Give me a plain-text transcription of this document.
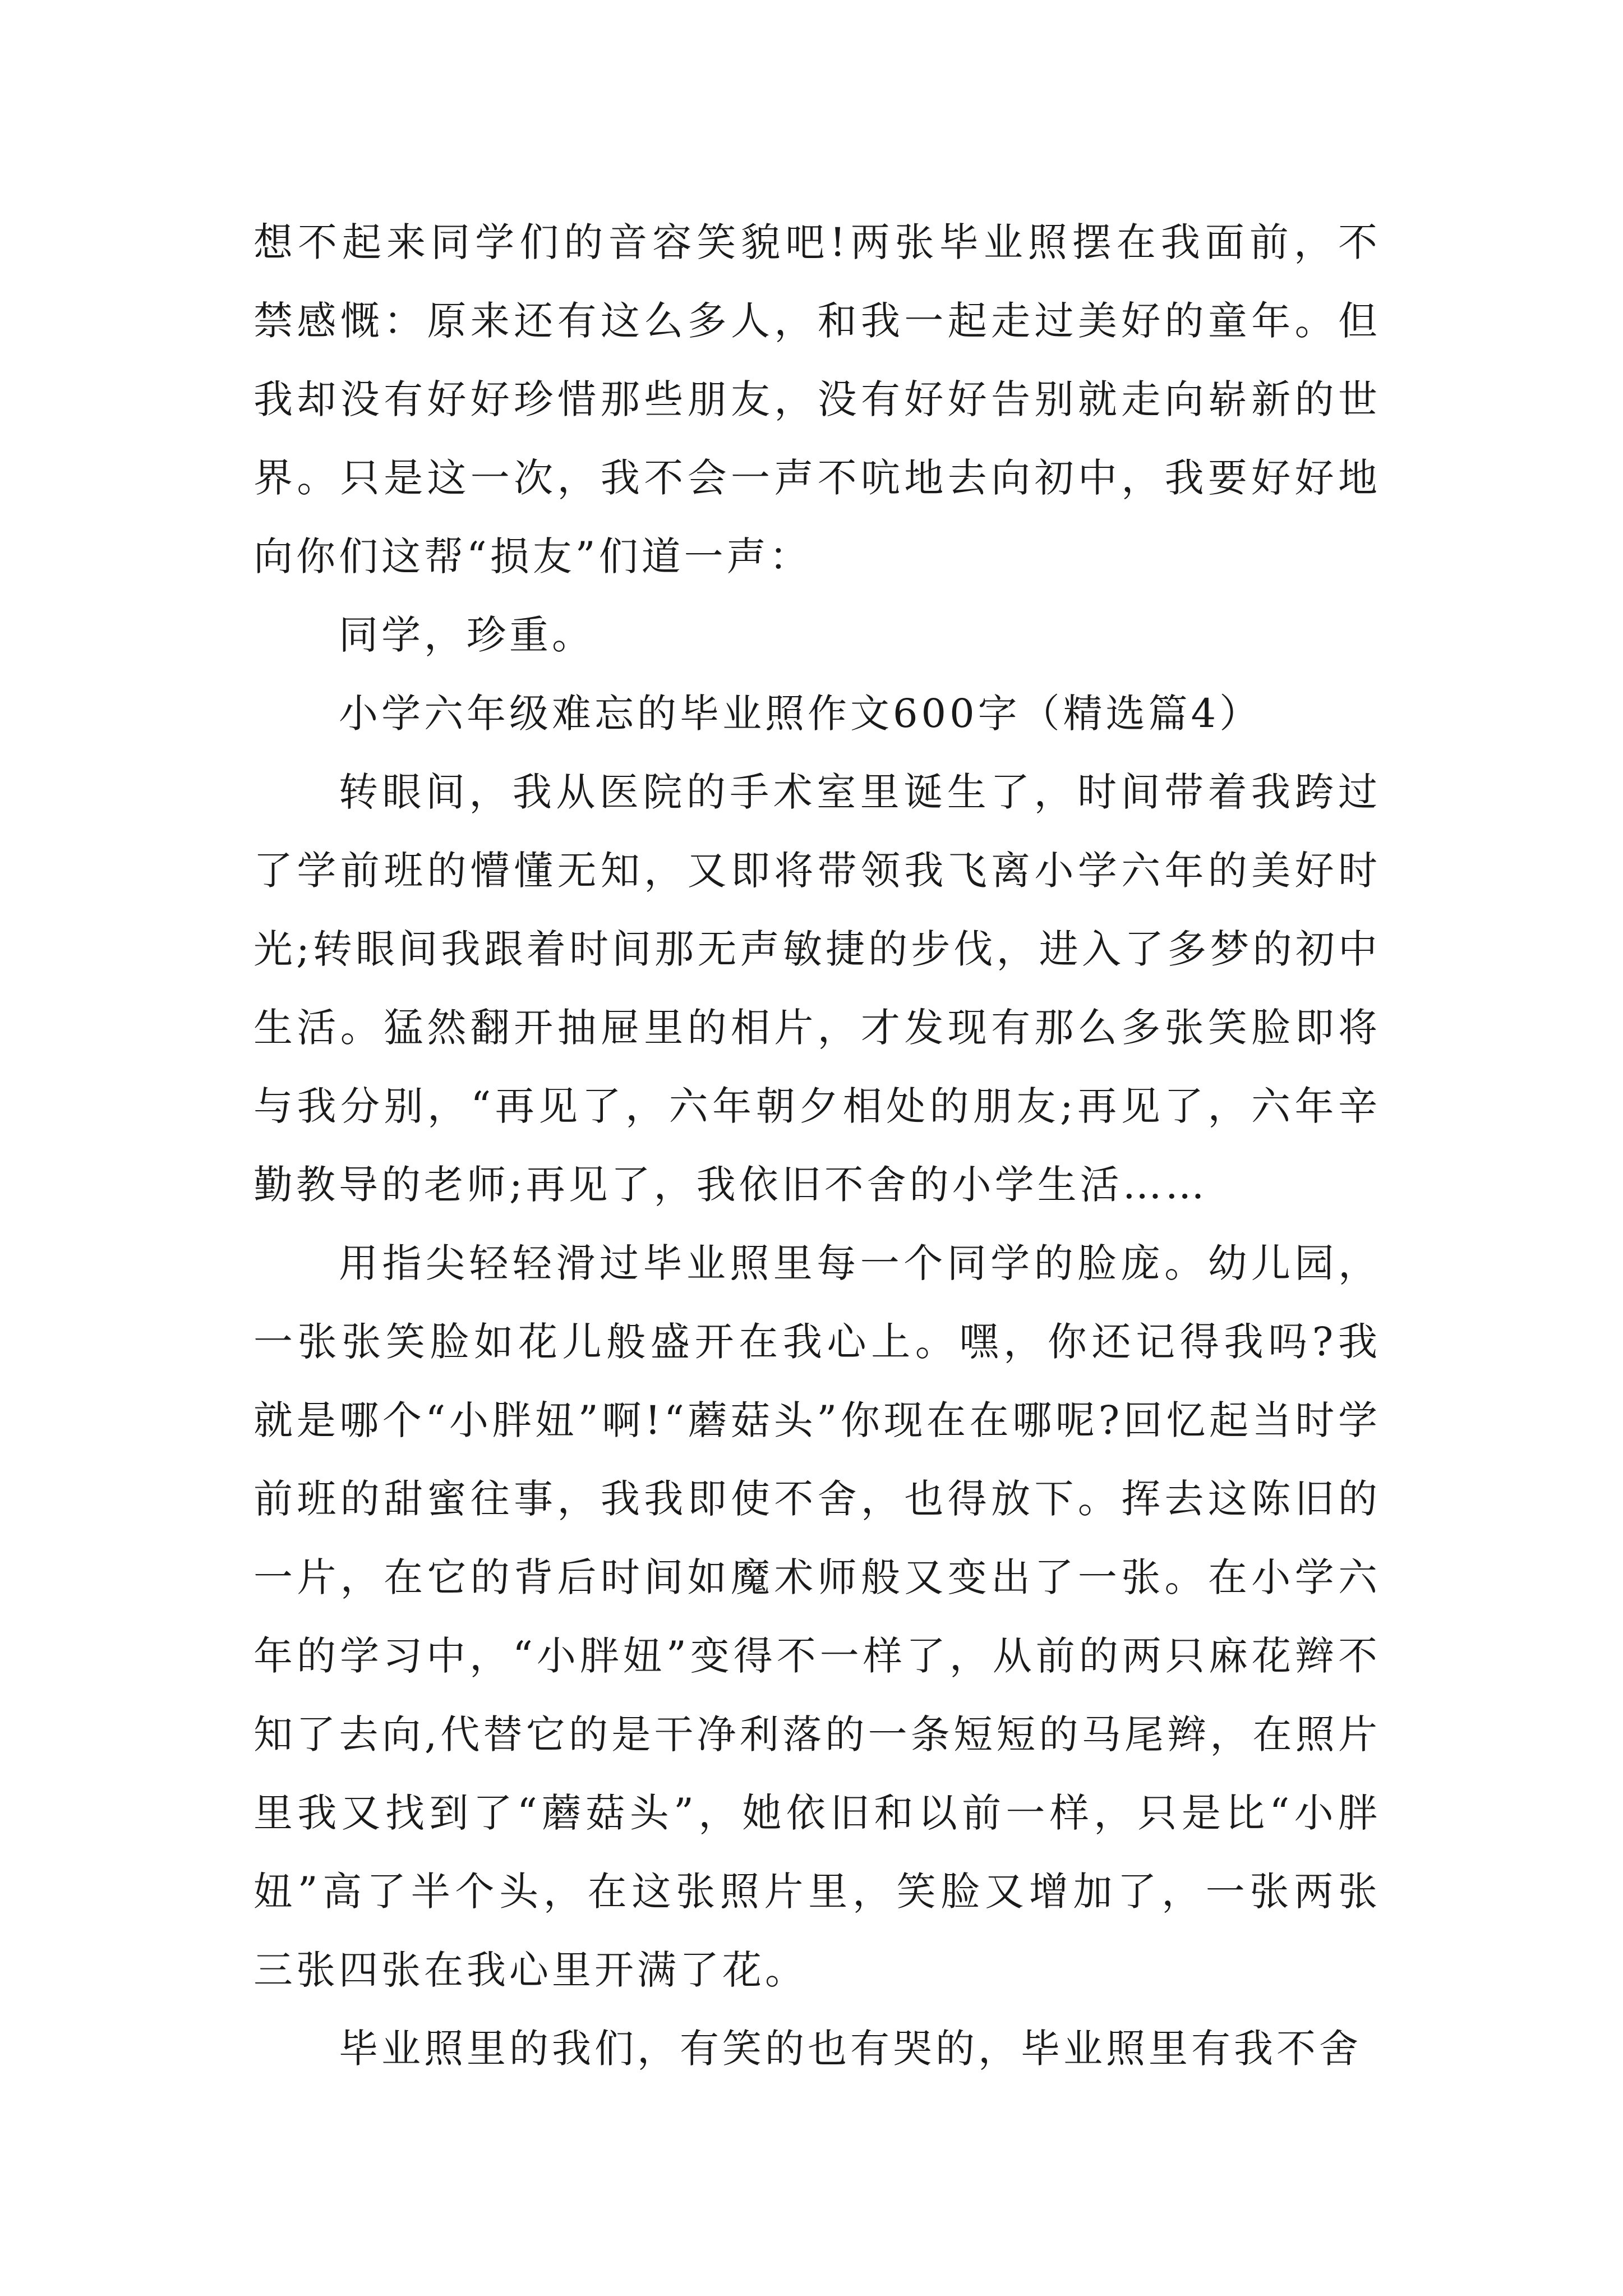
想不起来同学们的音容笑貌吧!两张毕业照摆在我面前，不禁感慨：原来还有这么多人，和我一起走过美好的童年。但我却没有好好珍惜那些朋友，没有好好告别就走向崭新的世界。只是这一次，我不会一声不吭地去向初中，我要好好地向你们这帮“损友”们道一声：

同学，珍重。

小学六年级难忘的毕业照作文600字（精选篇4）

转眼间，我从医院的手术室里诞生了，时间带着我跨过了学前班的懵懂无知，又即将带领我飞离小学六年的美好时光;转眼间我跟着时间那无声敏捷的步伐，进入了多梦的初中生活。猛然翻开抽屉里的相片，才发现有那么多张笑脸即将与我分别，“再见了，六年朝夕相处的朋友;再见了，六年辛勤教导的老师;再见了，我依旧不舍的小学生活……

用指尖轻轻滑过毕业照里每一个同学的脸庞。幼儿园，一张张笑脸如花儿般盛开在我心上。嘿，你还记得我吗?我就是哪个“小胖妞”啊!“蘑菇头”你现在在哪呢?回忆起当时学前班的甜蜜往事，我我即使不舍，也得放下。挥去这陈旧的一片，在它的背后时间如魔术师般又变出了一张。在小学六年的学习中，“小胖妞”变得不一样了，从前的两只麻花辫不知了去向,代替它的是干净利落的一条短短的马尾辫，在照片里我又找到了“蘑菇头”，她依旧和以前一样，只是比“小胖妞”高了半个头，在这张照片里，笑脸又增加了，一张两张三张四张在我心里开满了花。

毕业照里的我们，有笑的也有哭的，毕业照里有我不舍
